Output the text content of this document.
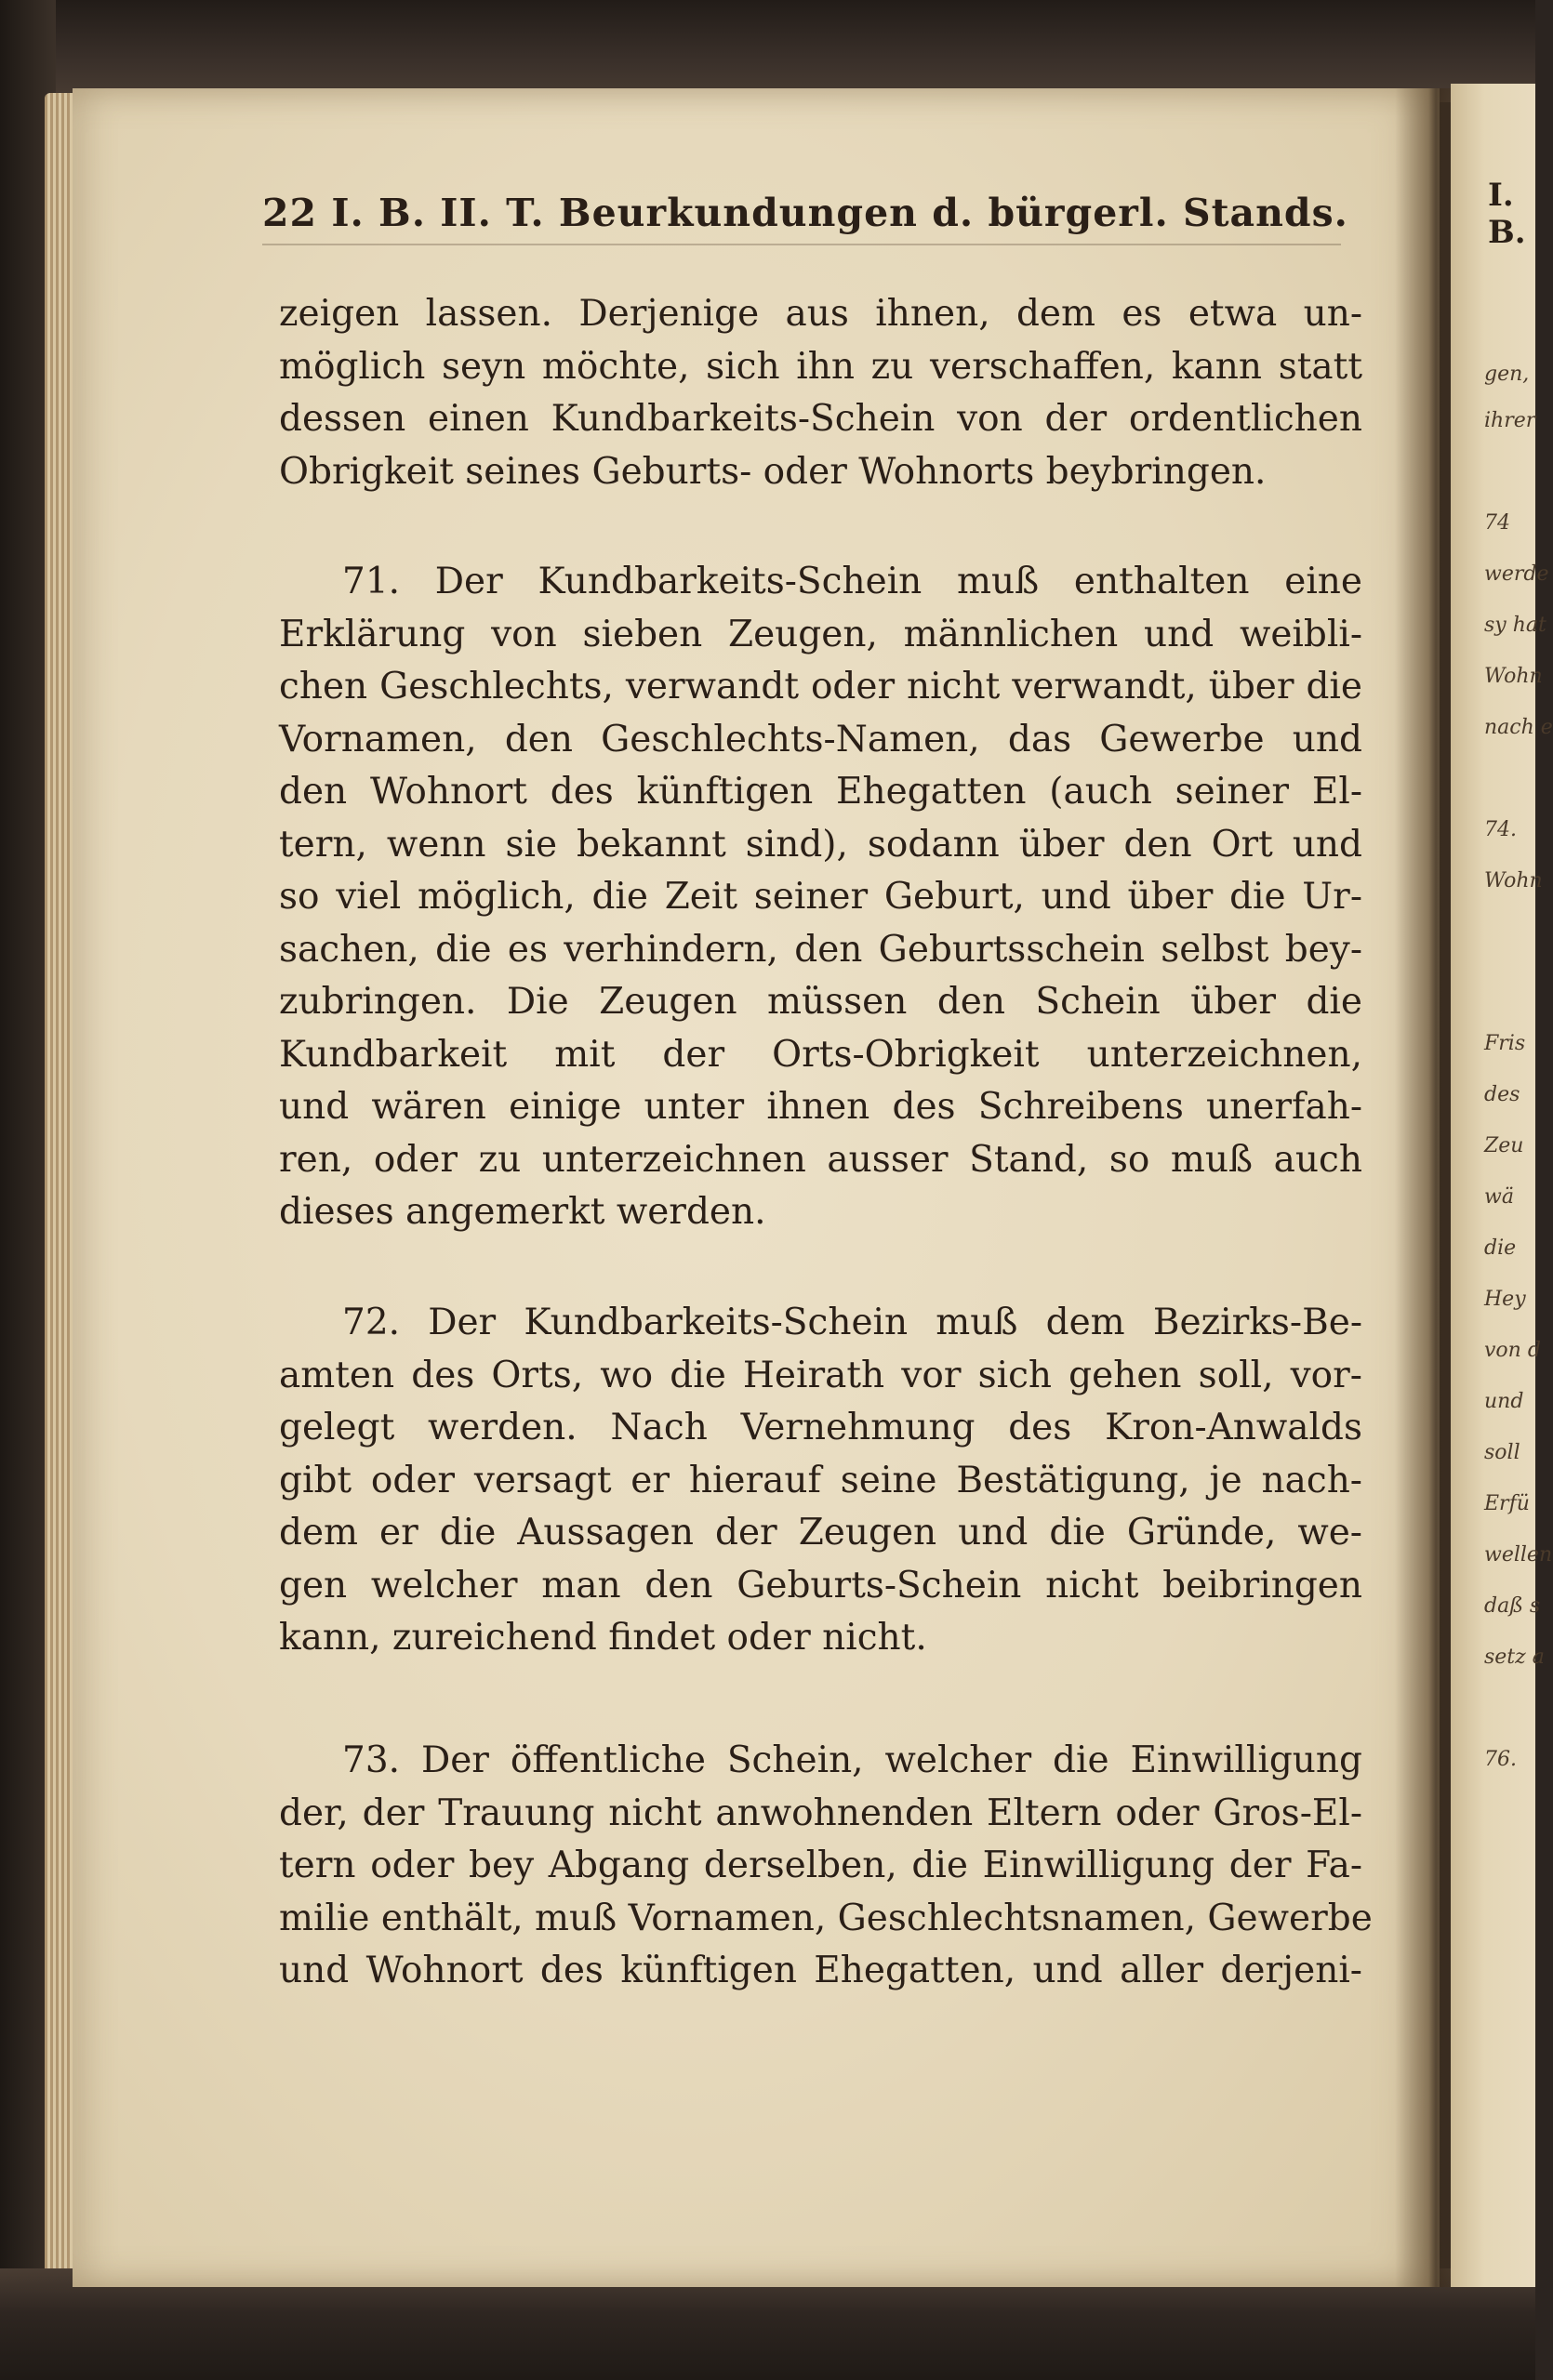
I. B.
gen,
ihrer
74
werde
sy hat
Wohn
nach e
74.
Wohn
Fris
des
Zeu
wä
die
Hey
von d
und
soll
Erfü
wellen
daß s
setz a
76.
22 I. B. II. T. Beurkundungen d. bürgerl. Stands.
zeigen lassen. Derjenige aus ihnen, dem es etwa un-
möglich seyn möchte, sich ihn zu verschaffen, kann statt
dessen einen Kundbarkeits-Schein von der ordentlichen
Obrigkeit seines Geburts- oder Wohnorts beybringen.
71. Der Kundbarkeits-Schein muß enthalten eine
Erklärung von sieben Zeugen, männlichen und weibli-
chen Geschlechts, verwandt oder nicht verwandt, über die
Vornamen, den Geschlechts-Namen, das Gewerbe und
den Wohnort des künftigen Ehegatten (auch seiner El-
tern, wenn sie bekannt sind), sodann über den Ort und
so viel möglich, die Zeit seiner Geburt, und über die Ur-
sachen, die es verhindern, den Geburtsschein selbst bey-
zubringen. Die Zeugen müssen den Schein über die
Kundbarkeit mit der Orts-Obrigkeit unterzeichnen,
und wären einige unter ihnen des Schreibens unerfah-
ren, oder zu unterzeichnen ausser Stand, so muß auch
dieses angemerkt werden.
72. Der Kundbarkeits-Schein muß dem Bezirks-Be-
amten des Orts, wo die Heirath vor sich gehen soll, vor-
gelegt werden. Nach Vernehmung des Kron-Anwalds
gibt oder versagt er hierauf seine Bestätigung, je nach-
dem er die Aussagen der Zeugen und die Gründe, we-
gen welcher man den Geburts-Schein nicht beibringen
kann, zureichend findet oder nicht.
73. Der öffentliche Schein, welcher die Einwilligung
der, der Trauung nicht anwohnenden Eltern oder Gros-El-
tern oder bey Abgang derselben, die Einwilligung der Fa-
milie enthält, muß Vornamen, Geschlechtsnamen, Gewerbe
und Wohnort des künftigen Ehegatten, und aller derjeni-
